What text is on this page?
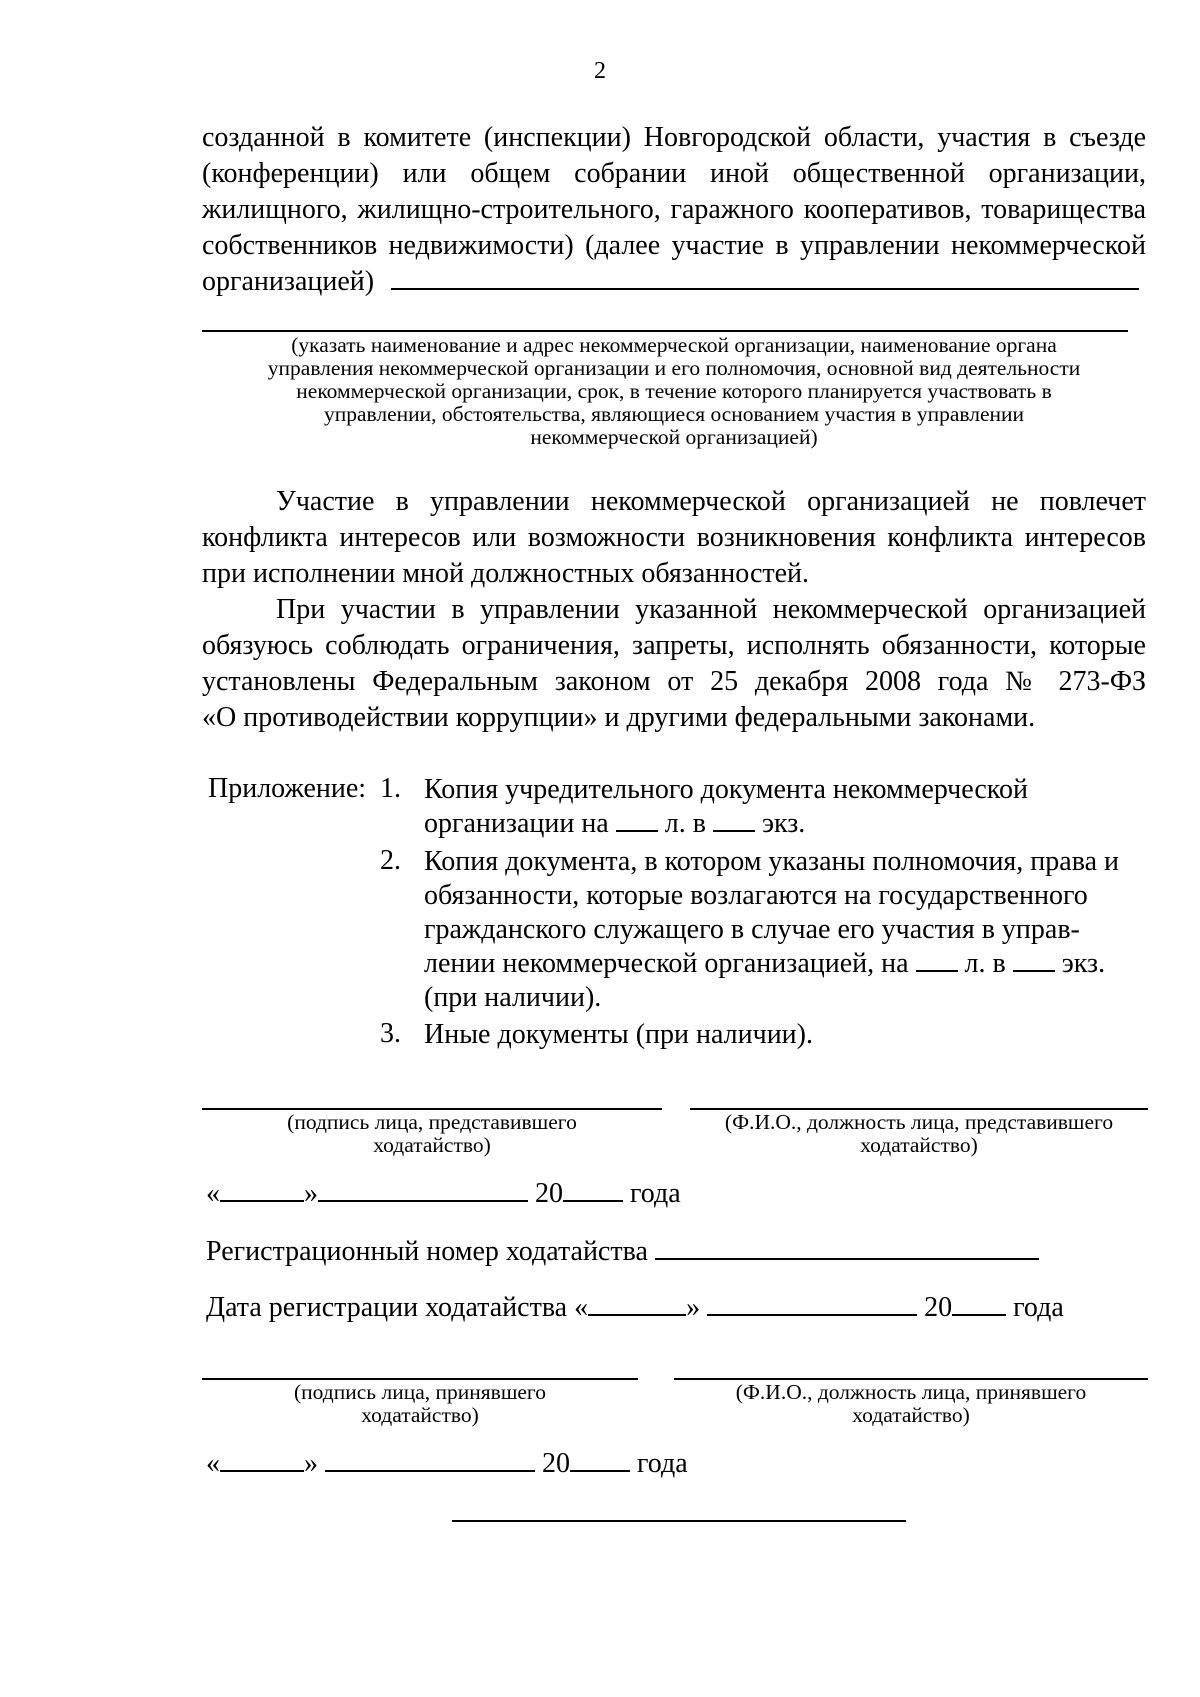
2
созданной в комитете (инспекции) Новгородской области, участия в съезде
(конференции) или общем собрании иной общественной организации,
жилищного, жилищно-строительного, гаражного кооперативов, товарищества
собственников недвижимости) (далее участие в управлении некоммерческой
организацией)
(указать наименование и адрес некоммерческой организации, наименование органа
управления некоммерческой организации и его полномочия, основной вид деятельности
некоммерческой организации, срок, в течение которого планируется участвовать в
управлении, обстоятельства, являющиеся основанием участия в управлении
некоммерческой организацией)
Участие в управлении некоммерческой организацией не повлечет
конфликта интересов или возможности возникновения конфликта интересов
при исполнении мной должностных обязанностей.
При участии в управлении указанной некоммерческой организацией
обязуюсь соблюдать ограничения, запреты, исполнять обязанности, которые
установлены Федеральным законом от 25 декабря 2008 года № 273-ФЗ
«О противодействии коррупции» и другими федеральными законами.
Приложение: 1. Копия учредительного документа некоммерческой
организации на л. в экз.
2. Копия документа, в котором указаны полномочия, права и
обязанности, которые возлагаются на государственного
гражданского служащего в случае его участия в управ-
лении некоммерческой организацией, на л. в экз.
(при наличии).
3. Иные документы (при наличии).
(подпись лица, представившего
ходатайство)
(Ф.И.О., должность лица, представившего
ходатайство)
«	»	20 года
Регистрационный номер ходатайства
Дата регистрации ходатайства «	»	20 года
(подпись лица, принявшего
ходатайство)
(Ф.И.О., должность лица, принявшего
ходатайство)
«	»	20 года
